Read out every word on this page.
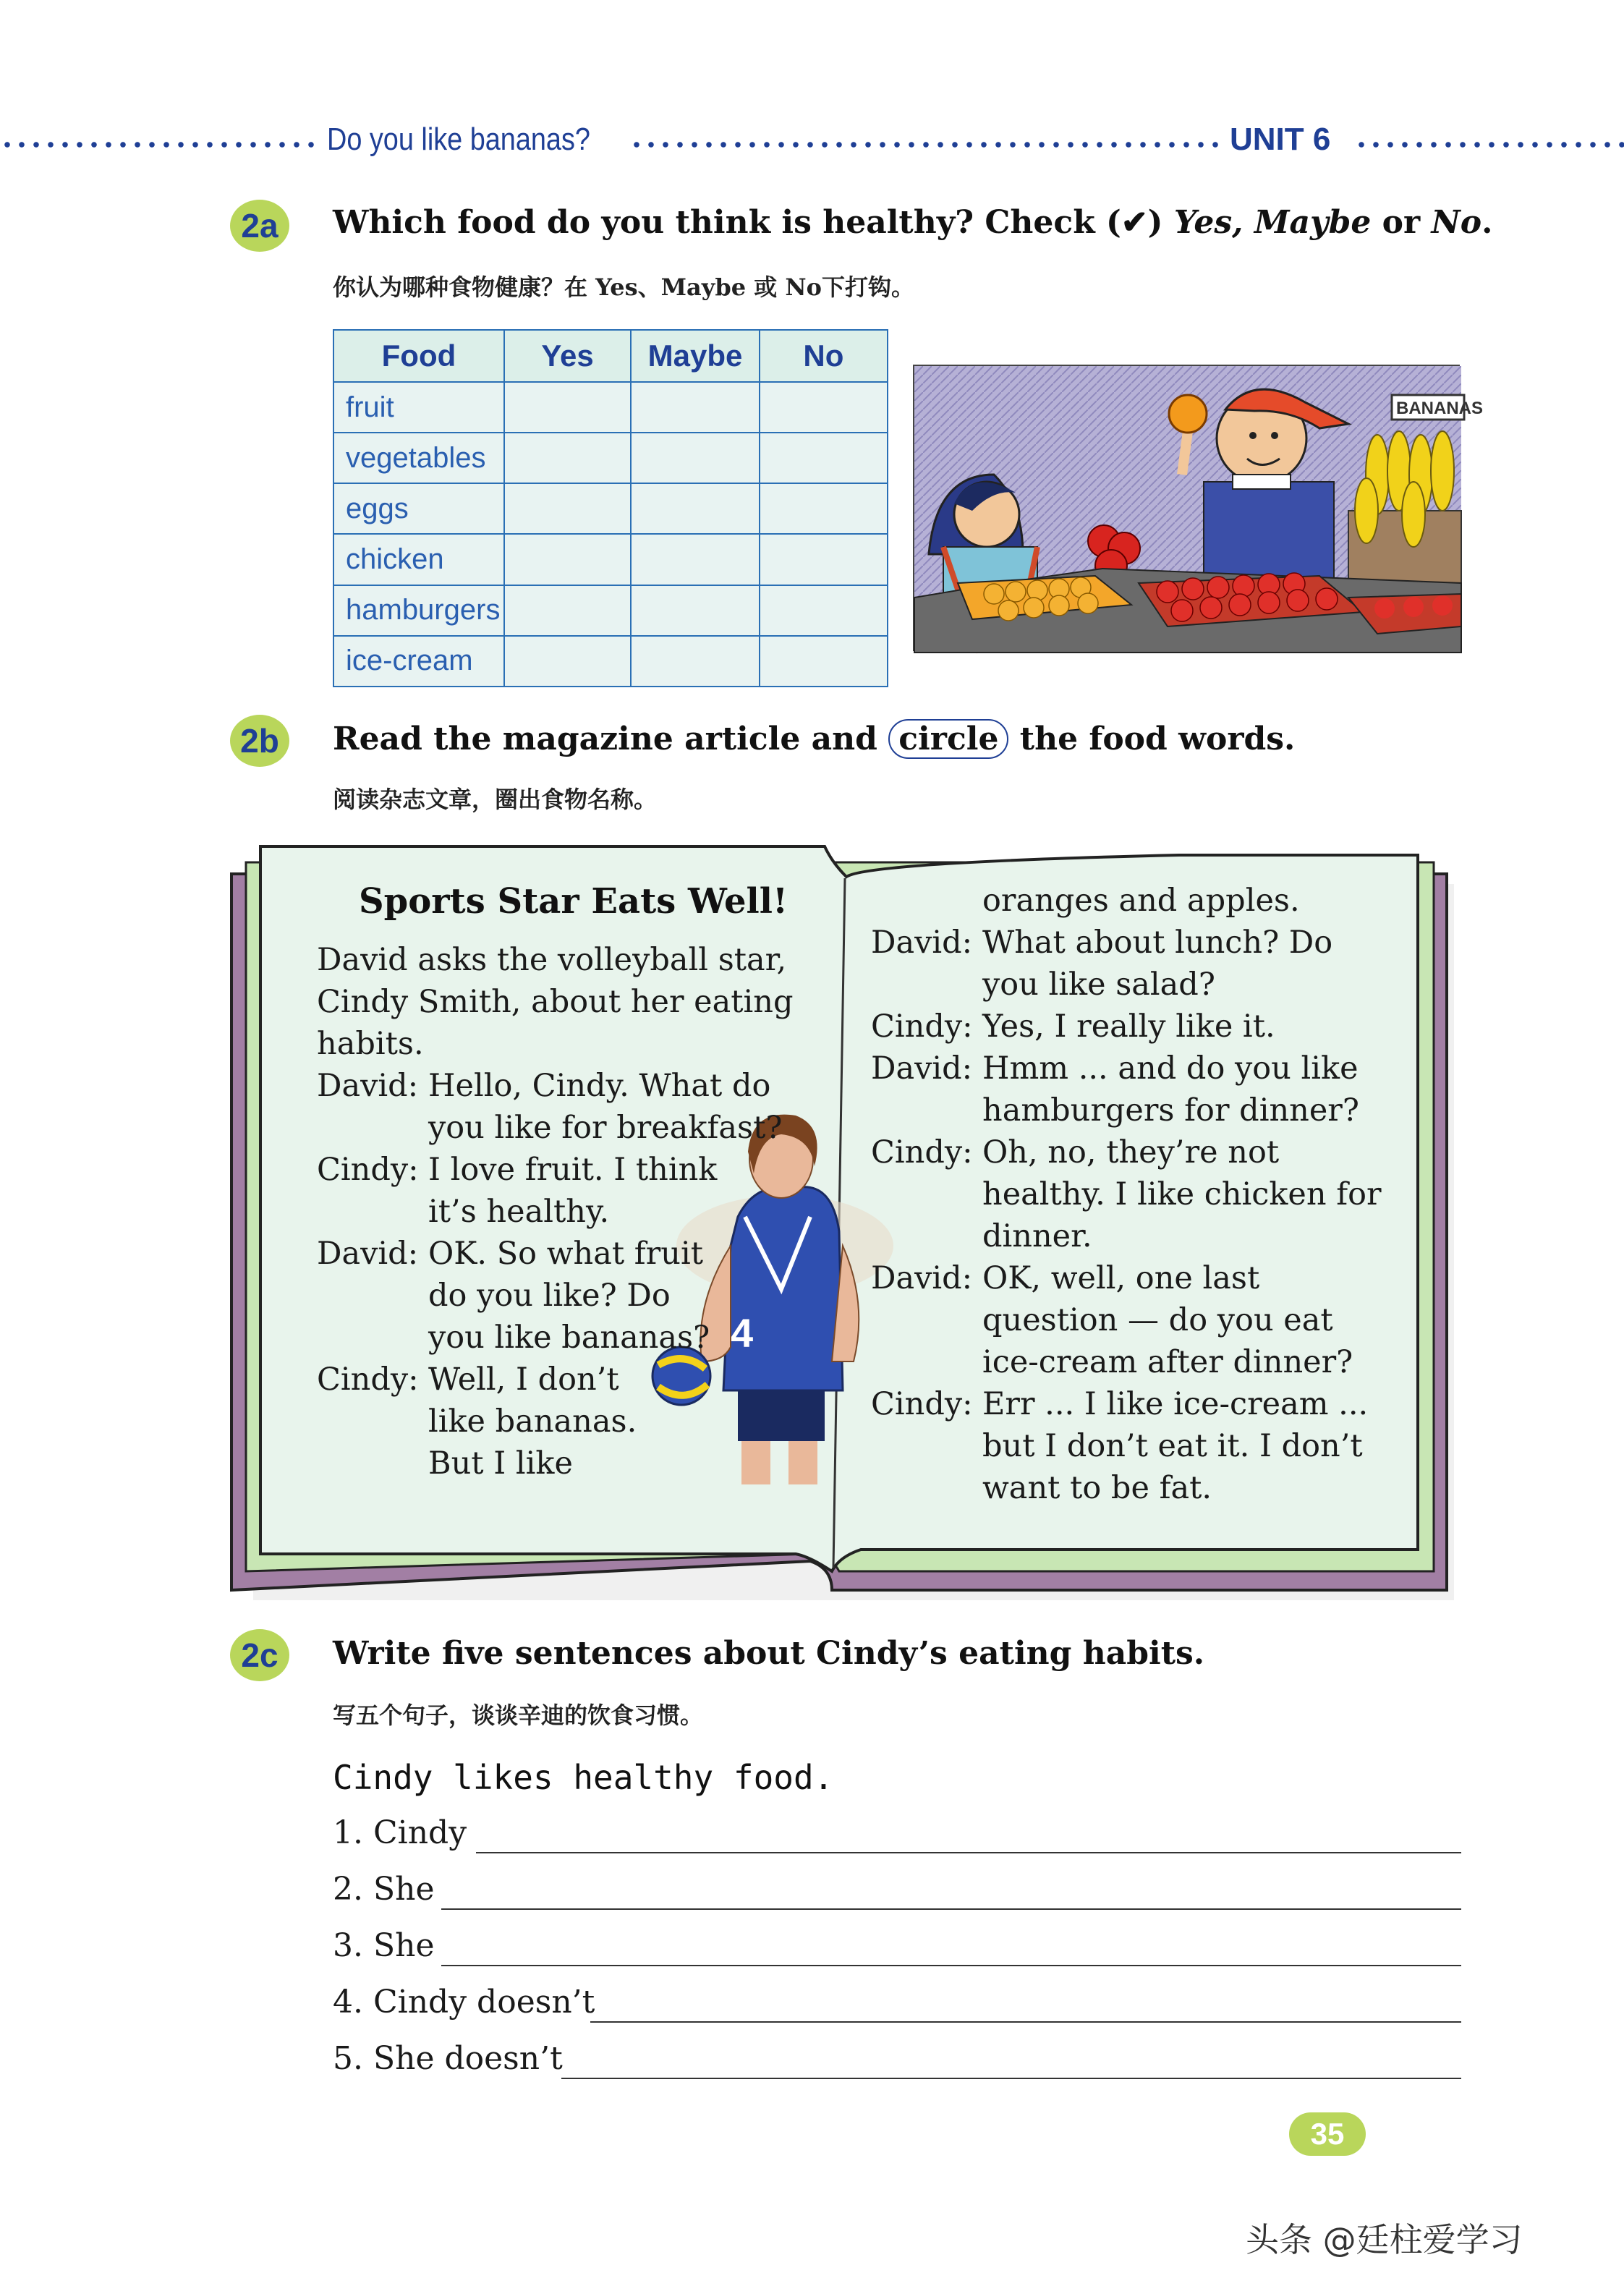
Do you like bananas?	UNIT 6
2a	Which food do you think is healthy? Check (✔) Yes, Maybe or No.
你认为哪种食物健康？在 Yes、Maybe 或 No下打钩。
Food	Yes	Maybe	No
fruit			
vegetables			
eggs			
chicken			
hamburgers			
ice-cream			
BANANAS
2b	Read the magazine article and circle the food words.
阅读杂志文章，圈出食物名称。
4
Sports Star Eats Well!
David asks the volleyball star,
Cindy Smith, about her eating
habits.
David: Hello, Cindy. What do
you like for breakfast?
Cindy: I love fruit. I think
it’s healthy.
David: OK. So what fruit
do you like? Do
you like bananas?
Cindy: Well, I don’t
like bananas.
But I like
oranges and apples.
David: What about lunch? Do
you like salad?
Cindy: Yes, I really like it.
David: Hmm ... and do you like
hamburgers for dinner?
Cindy: Oh, no, they’re not
healthy. I like chicken for
dinner.
David: OK, well, one last
question — do you eat
ice-cream after dinner?
Cindy: Err ... I like ice-cream ...
but I don’t eat it. I don’t
want to be fat.
2c	Write five sentences about Cindy’s eating habits.
写五个句子，谈谈辛迪的饮食习惯。
Cindy likes healthy food.
1. Cindy
2. She
3. She
4. Cindy doesn’t
5. She doesn’t
35
头条 @廷柱爱学习
